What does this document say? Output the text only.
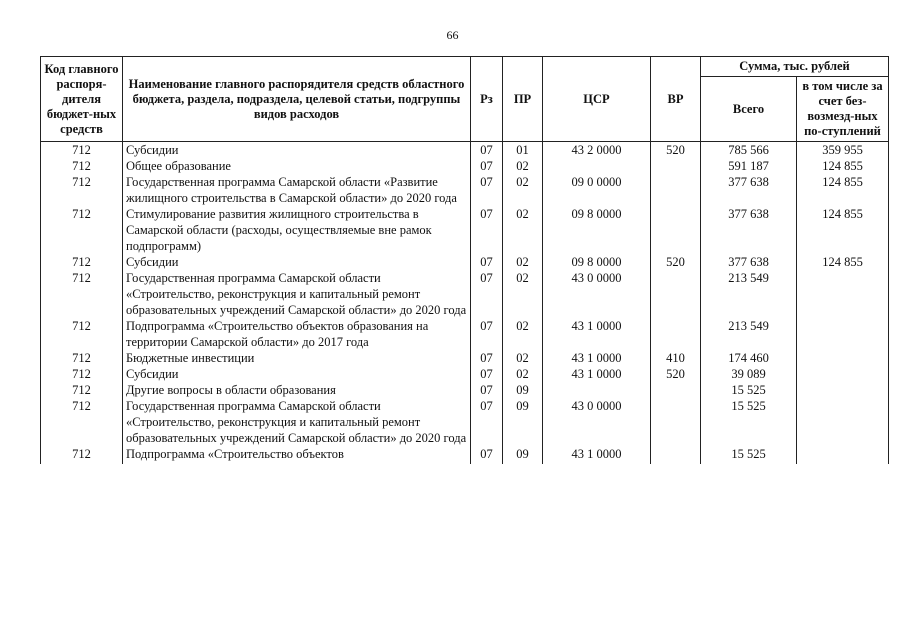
66
Код главного распоря-дителя бюджет-ных средств	Наименование главного распорядителя средств областного бюджета, раздела, подраздела, целевой статьи, подгруппы видов расходов	Рз	ПР	ЦСР	ВР	Сумма, тыс. рублей	
						Всего	в том числе за счет без-возмезд-ных по-ступлений
712	Субсидии	07	01	43 2 0000	520	785 566	359 955
712	Общее образование	07	02			591 187	124 855
712	Государственная программа Самарской области «Развитие жилищного строительства в Самарской области» до 2020 года	07	02	09 0 0000		377 638	124 855
712	Стимулирование развития жилищного строительства в Самарской области (расходы, осуществляемые вне рамок подпрограмм)	07	02	09 8 0000		377 638	124 855
712	Субсидии	07	02	09 8 0000	520	377 638	124 855
712	Государственная программа Самарской области «Строительство, реконструкция и капитальный ремонт образовательных учреждений Самарской области» до 2020 года	07	02	43 0 0000		213 549	
712	Подпрограмма «Строительство объектов образования на территории Самарской области» до 2017 года	07	02	43 1 0000		213 549	
712	Бюджетные инвестиции	07	02	43 1 0000	410	174 460	
712	Субсидии	07	02	43 1 0000	520	39 089	
712	Другие вопросы в области образования	07	09			15 525	
712	Государственная программа Самарской области «Строительство, реконструкция и капитальный ремонт образовательных учреждений Самарской области» до 2020 года	07	09	43 0 0000		15 525	
712	Подпрограмма «Строительство объектов	07	09	43 1 0000		15 525	
